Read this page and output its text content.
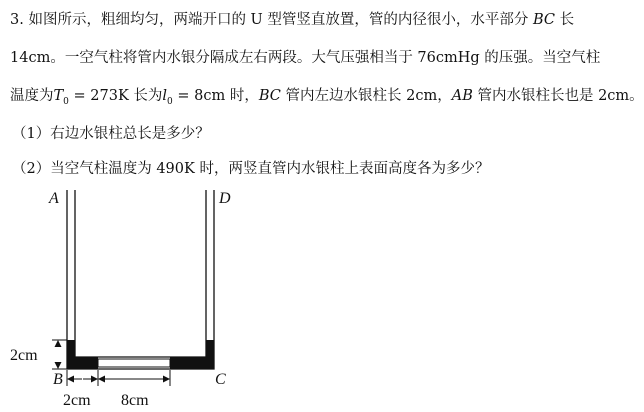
3. 如图所示，粗细均匀，两端开口的 U 型管竖直放置，管的内径很小，水平部分 BC 长
14cm。一空气柱将管内水银分隔成左右两段。大气压强相当于 76cmHg 的压强。当空气柱
温度为$T_0 = 273K$ 长为$l_0 = 8cm$ 时，BC 管内左边水银柱长 2cm，AB 管内水银柱长也是 2cm。
（1）右边水银柱总长是多少？
（2）当空气柱温度为 490K 时，两竖直管内水银柱上表面高度各为多少？
A	D
B	C
2cm
2cm 8cm
